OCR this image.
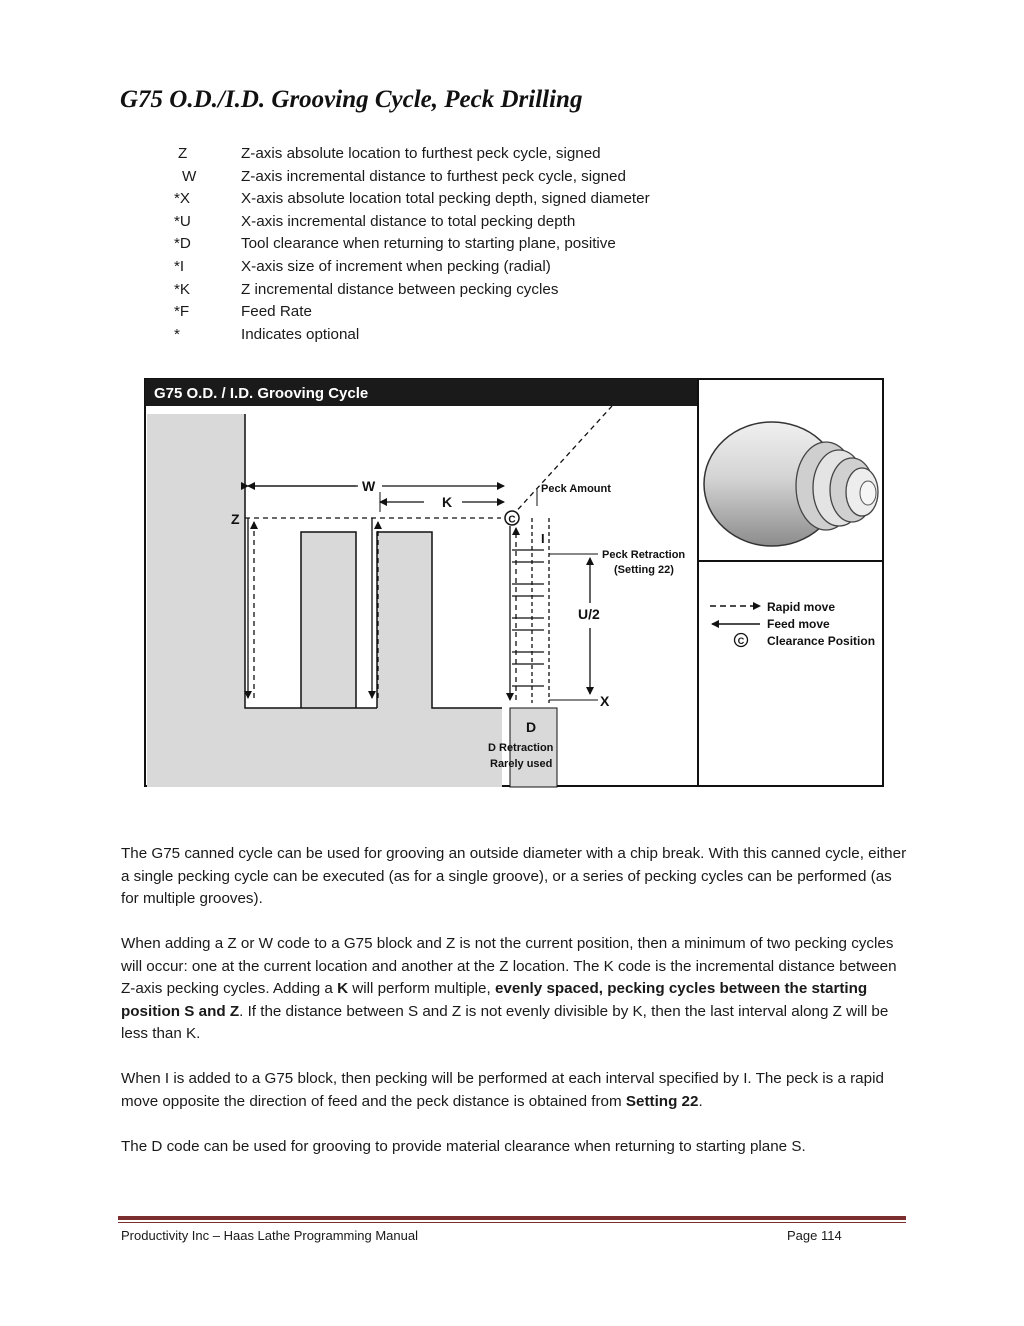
G75 O.D./I.D. Grooving Cycle, Peck Drilling
Z	Z-axis absolute location to furthest peck cycle, signed
W	Z-axis incremental distance to furthest peck cycle, signed
*X	X-axis absolute location total pecking depth, signed diameter
*U	X-axis incremental distance to total pecking depth
*D	Tool clearance when returning to starting plane, positive
*I	X-axis size of increment when pecking (radial)
*K	Z incremental distance between pecking cycles
*F	Feed Rate
*	Indicates optional
G75 O.D. / I.D. Grooving Cycle
W
K
Z	C
Peck Amount
I
Peck Retraction
(Setting 22)
U/2
X
D
D Retraction
Rarely used
Rapid move
Feed move
C Clearance Position
The G75 canned cycle can be used for grooving an outside diameter with a chip break. With this canned cycle, either a single pecking cycle can be executed (as for a single groove), or a series of pecking cycles can be performed (as for multiple grooves).
When adding a Z or W code to a G75 block and Z is not the current position, then a minimum of two pecking cycles will occur: one at the current location and another at the Z location. The K code is the incremental distance between Z-axis pecking cycles. Adding a K will perform multiple, evenly spaced, pecking cycles between the starting position S and Z. If the distance between S and Z is not evenly divisible by K, then the last interval along Z will be less than K.
When I is added to a G75 block, then pecking will be performed at each interval specified by I. The peck is a rapid move opposite the direction of feed and the peck distance is obtained from Setting 22.
The D code can be used for grooving to provide material clearance when returning to starting plane S.
Productivity Inc – Haas Lathe Programming Manual	Page 114
